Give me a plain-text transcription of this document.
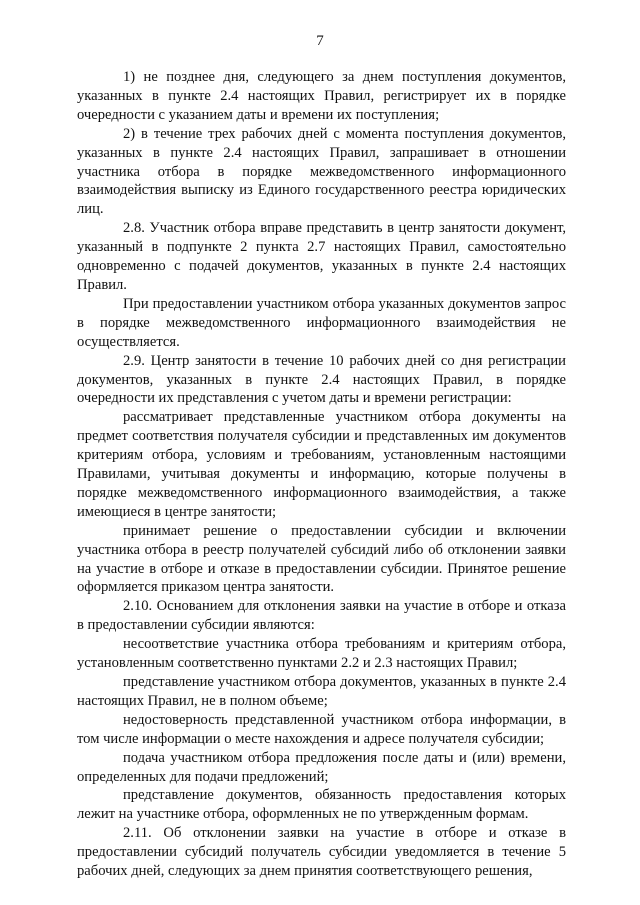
7

1) не позднее дня, следующего за днем поступления документов, указанных в пункте 2.4 настоящих Правил, регистрирует их в порядке очередности с указанием даты и времени их поступления;

2) в течение трех рабочих дней с момента поступления документов, указанных в пункте 2.4 настоящих Правил, запрашивает в отношении участника отбора в порядке межведомственного информационного взаимодействия выписку из Единого государственного реестра юридических лиц.

2.8. Участник отбора вправе представить в центр занятости документ, указанный в подпункте 2 пункта 2.7 настоящих Правил, самостоятельно одновременно с подачей документов, указанных в пункте 2.4 настоящих Правил.

При предоставлении участником отбора указанных документов запрос в порядке межведомственного информационного взаимодействия не осуществляется.

2.9. Центр занятости в течение 10 рабочих дней со дня регистрации документов, указанных в пункте 2.4 настоящих Правил, в порядке очередности их представления с учетом даты и времени регистрации:

рассматривает представленные участником отбора документы на предмет соответствия получателя субсидии и представленных им документов критериям отбора, условиям и требованиям, установленным настоящими Правилами, учитывая документы и информацию, которые получены в порядке межведомственного информационного взаимодействия, а также имеющиеся в центре занятости;

принимает решение о предоставлении субсидии и включении участника отбора в реестр получателей субсидий либо об отклонении заявки на участие в отборе и отказе в предоставлении субсидии. Принятое решение оформляется приказом центра занятости.

2.10. Основанием для отклонения заявки на участие в отборе и отказа в предоставлении субсидии являются:

несоответствие участника отбора требованиям и критериям отбора, установленным соответственно пунктами 2.2 и 2.3 настоящих Правил;

представление участником отбора документов, указанных в пункте 2.4 настоящих Правил, не в полном объеме;

недостоверность представленной участником отбора информации, в том числе информации о месте нахождения и адресе получателя субсидии;

подача участником отбора предложения после даты и (или) времени, определенных для подачи предложений;

представление документов, обязанность предоставления которых лежит на участнике отбора, оформленных не по утвержденным формам.

2.11. Об отклонении заявки на участие в отборе и отказе в предоставлении субсидий получатель субсидии уведомляется в течение 5 рабочих дней, следующих за днем принятия соответствующего решения,
